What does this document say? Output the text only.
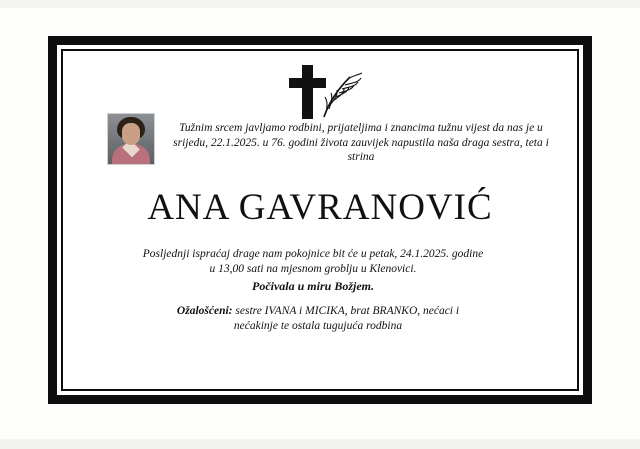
Tužnim srcem javljamo rodbini, prijateljima i znancima tužnu vijest da nas je u srijedu, 22.1.2025. u 76. godini života zauvijek napustila naša draga sestra, teta i strina

ANA GAVRANOVIĆ

Posljednji ispraćaj drage nam pokojnice bit će u petak, 24.1.2025. godine

u 13,00 sati na mjesnom groblju u Klenovici.

Počivala u miru Božjem.
Ožalošćeni: sestre IVANA i MICIKA, brat BRANKO, nećaci i
nećakinje te ostala tugujuća rodbina
